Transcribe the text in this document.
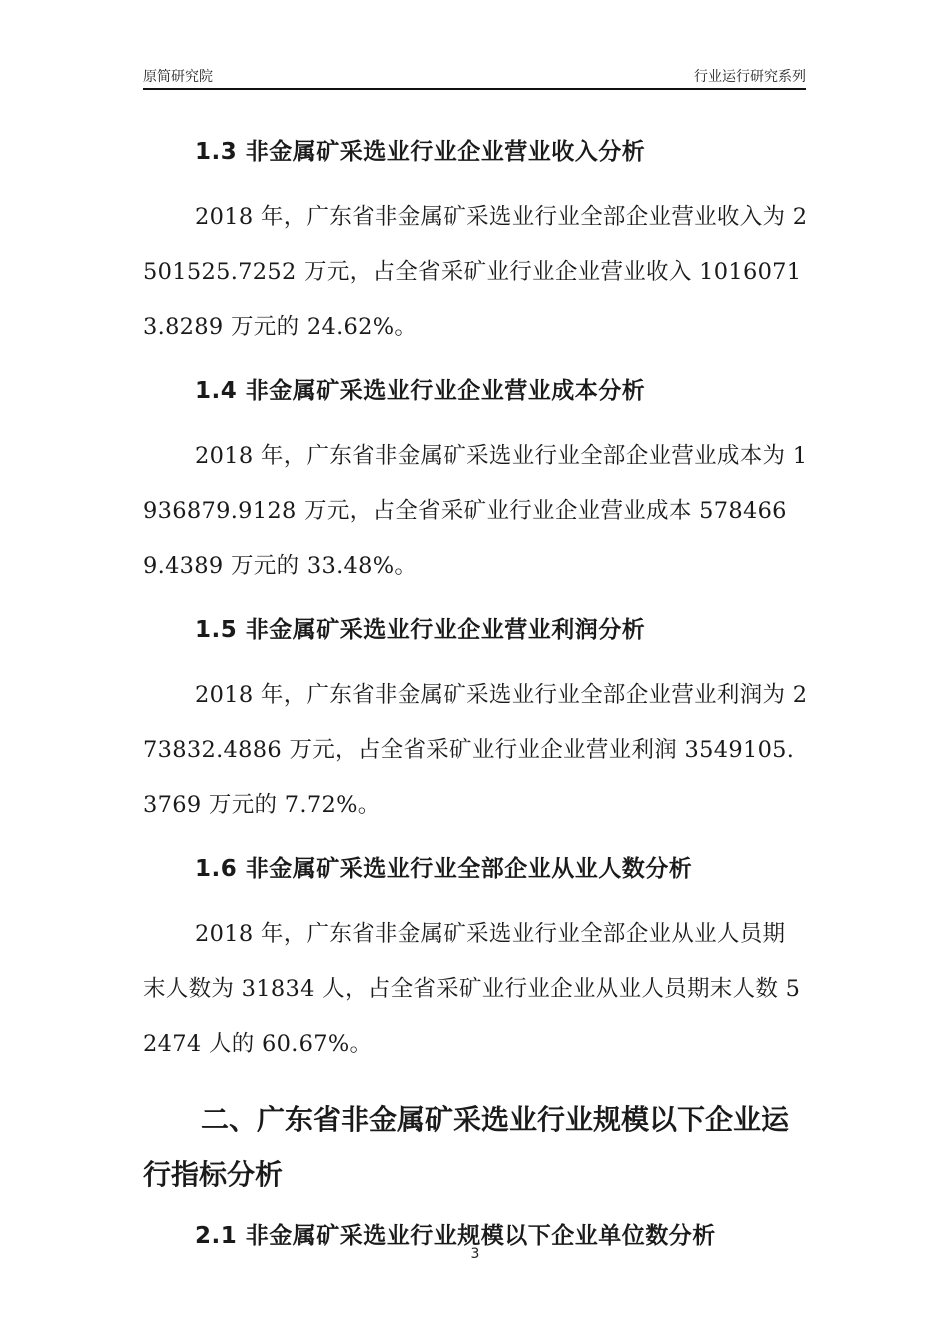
原简研究院	行业运行研究系列

1.3 非金属矿采选业行业企业营业收入分析

2018 年，广东省非金属矿采选业行业全部企业营业收入为 2501525.7252 万元，占全省采矿业行业企业营业收入 10160713.8289 万元的 24.62%。

1.4 非金属矿采选业行业企业营业成本分析

2018 年，广东省非金属矿采选业行业全部企业营业成本为 1936879.9128 万元，占全省采矿业行业企业营业成本 5784669.4389 万元的 33.48%。

1.5 非金属矿采选业行业企业营业利润分析

2018 年，广东省非金属矿采选业行业全部企业营业利润为 273832.4886 万元，占全省采矿业行业企业营业利润 3549105.3769 万元的 7.72%。

1.6 非金属矿采选业行业全部企业从业人数分析

2018 年，广东省非金属矿采选业行业全部企业从业人员期末人数为 31834 人，占全省采矿业行业企业从业人员期末人数 52474 人的 60.67%。

二、广东省非金属矿采选业行业规模以下企业运行指标分析

2.1 非金属矿采选业行业规模以下企业单位数分析

3
